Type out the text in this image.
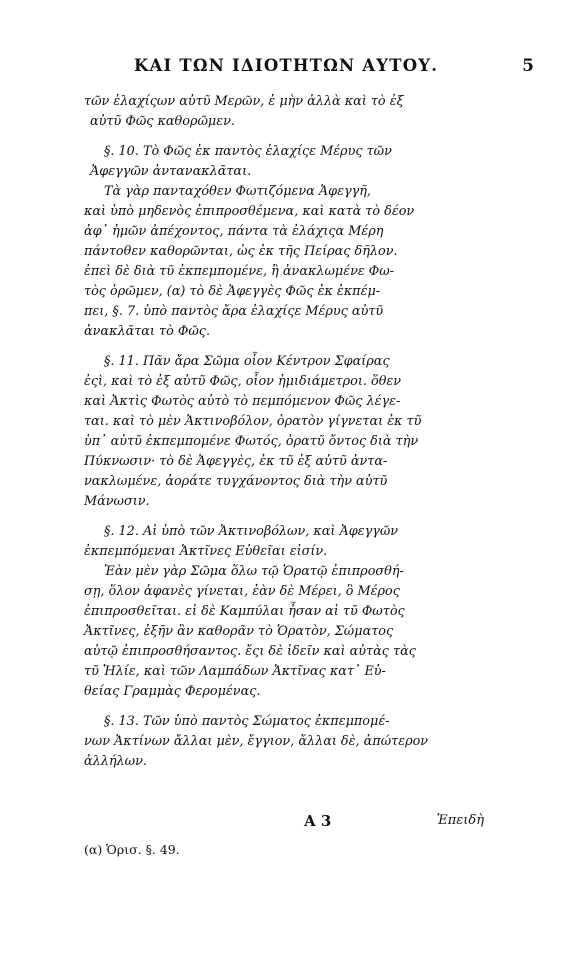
ΚΑΙ ΤΩΝ ΙΔΙΟΤΗΤΩΝ ΑΥΤΟΥ.	5
τῶν ἐλαχίςων αὐτῦ Μερῶν, ἐ μὴν ἀλλὰ καὶ τὸ ἐξ
αὐτῦ Φῶς καθορῶμεν.
§. 10. Τὸ Φῶς ἐκ παντὸς ἐλαχίςε Μέρυς τῶν
Ἀφεγγῶν ἀντανακλᾶται.
Τὰ γὰρ πανταχόθεν Φωτιζόμενα Ἀφεγγῆ,
καὶ ὑπὸ μηδενὸς ἐπιπροσθέμενα, καὶ κατὰ τὸ δέον
ἀφ᾽ ἡμῶν ἀπέχοντος, πάντα τὰ ἐλάχιςα Μέρη
πάντοθεν καθορῶνται, ὡς ἐκ τῆς Πείρας δῆλον.
ἐπεὶ δὲ διὰ τῦ ἐκπεμπομένε, ἢ ἀνακλωμένε Φω-
τὸς ὁρῶμεν, (α) τὸ δὲ Ἀφεγγὲς Φῶς ἐκ ἐκπέμ-
πει, §. 7. ὑπὸ παντὸς ἄρα ἐλαχίςε Μέρυς αὐτῦ
ἀνακλᾶται τὸ Φῶς.
§. 11. Πᾶν ἄρα Σῶμα οἷον Κέντρον Σφαίρας
ἐςὶ, καὶ τὸ ἐξ αὐτῦ Φῶς, οἷον ἡμιδιάμετροι. ὅθεν
καὶ Ἀκτὶς Φωτὸς αὐτὸ τὸ πεμπόμενον Φῶς λέγε-
ται. καὶ τὸ μὲν Ἀκτινοβόλον, ὁρατὸν γίγνεται ἐκ τῦ
ὑπ᾽ αὐτῦ ἐκπεμπομένε Φωτός, ὁρατῦ ὄντος διὰ τὴν
Πύκνωσιν· τὸ δὲ Ἀφεγγὲς, ἐκ τῦ ἐξ αὐτῦ ἀντα-
νακλωμένε, ἀοράτε τυγχάνοντος διὰ τὴν αὐτῦ
Μάνωσιν.
§. 12. Αἱ ὑπὸ τῶν Ἀκτινοβόλων, καὶ Ἀφεγγῶν
ἐκπεμπόμεναι Ἀκτῖνες Εὐθεῖαι εἰσίν.
Ἐὰν μὲν γὰρ Σῶμα ὅλω τῷ Ὁρατῷ ἐπιπροσθή-
σῃ, ὅλον ἀφανὲς γίνεται, ἐὰν δὲ Μέρει, ὃ Μέρος
ἐπιπροσθεῖται. εἰ δὲ Καμπύλαι ἦσαν αἱ τῦ Φωτὸς
Ἀκτῖνες, ἐξῆν ἂν καθορᾶν τὸ Ὁρατὸν, Σώματος
αὐτῷ ἐπιπροσθήσαντος. ἔςι δὲ ἰδεῖν καὶ αὐτὰς τὰς
τῦ Ἡλίε, καὶ τῶν Λαμπάδων Ἀκτῖνας κατ᾽ Εὐ-
θείας Γραμμὰς Φερομένας.
§. 13. Τῶν ὑπὸ παντὸς Σώματος ἐκπεμπομέ-
νων Ἀκτίνων ἄλλαι μὲν, ἔγγιον, ἄλλαι δὲ, ἀπώτερον
ἀλλήλων.
A 3	Ἐπειδὴ
(α) Ὁρισ. §. 49.
